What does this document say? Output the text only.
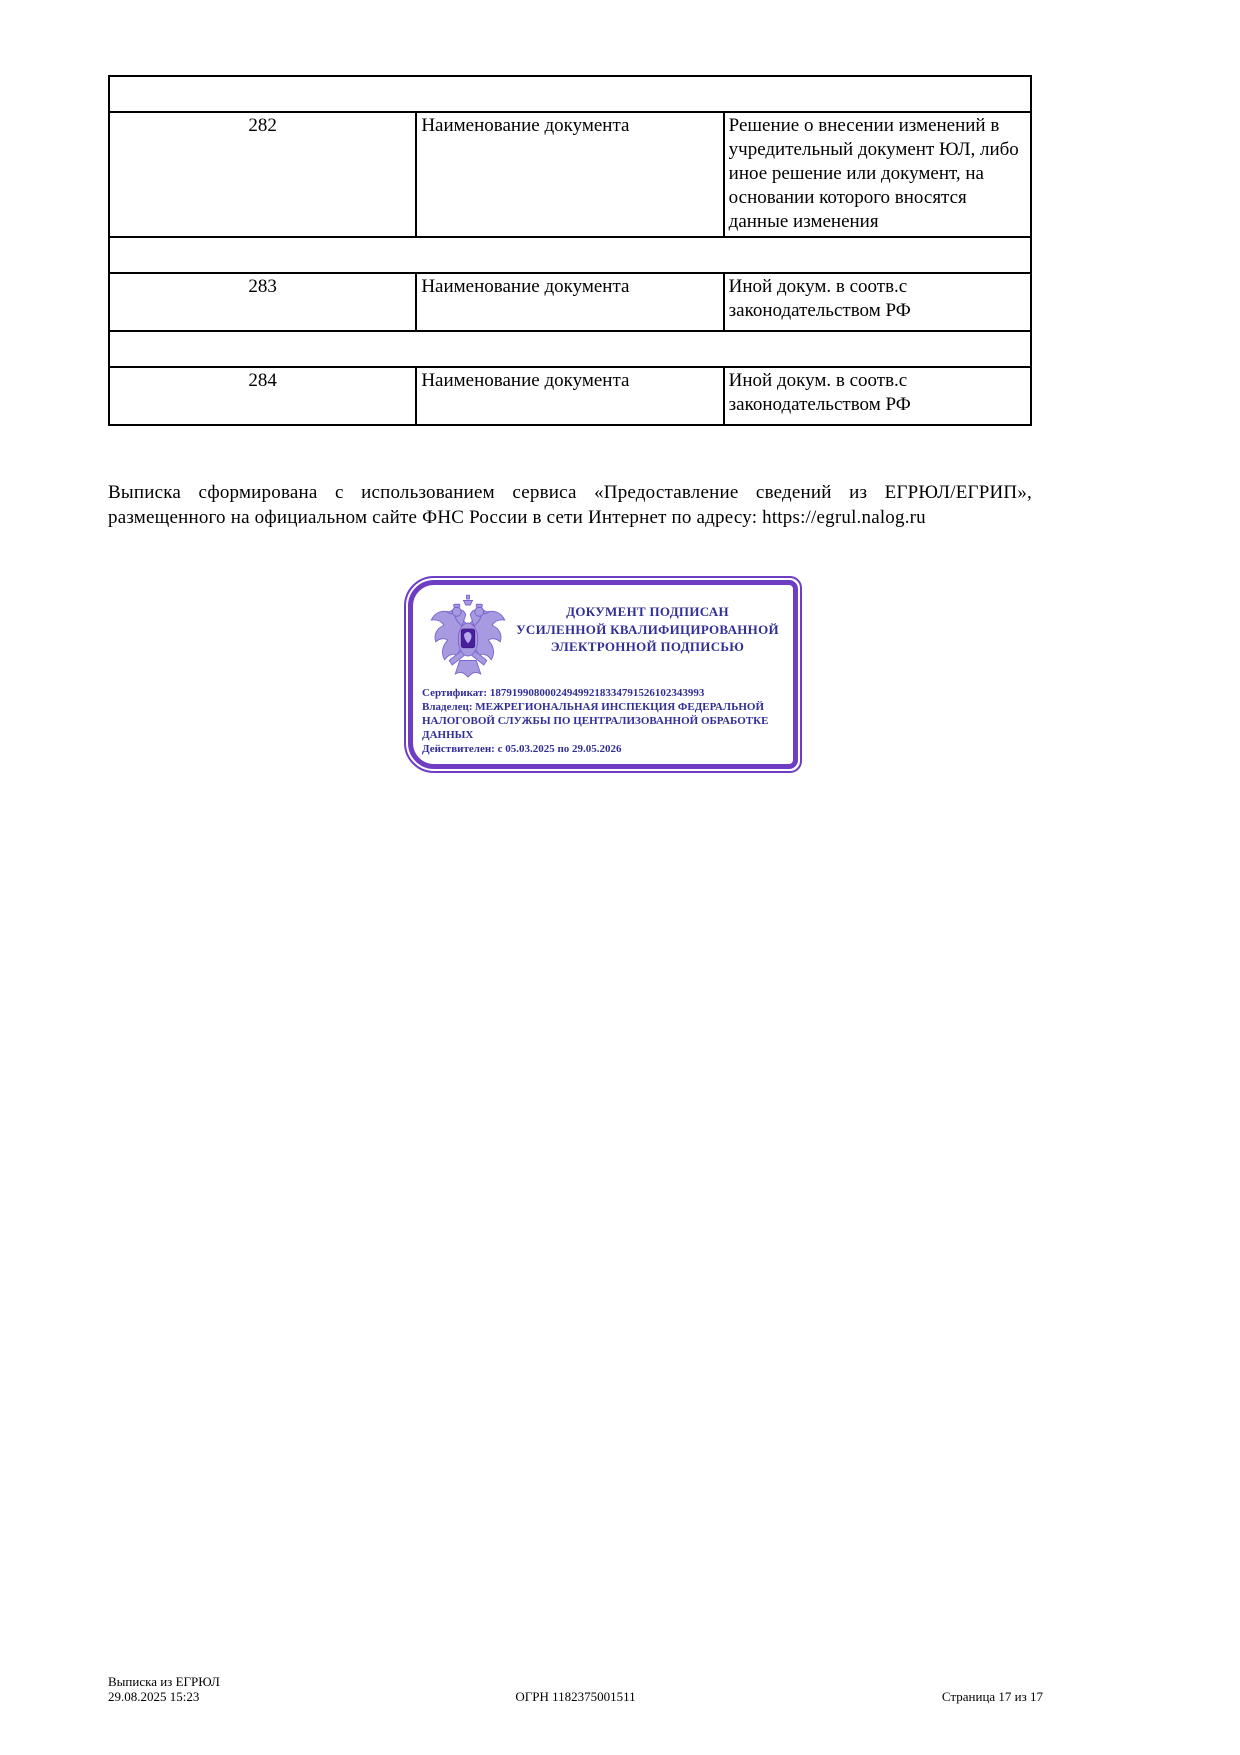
282	Наименование документа	Решение о внесении изменений в учредительный документ ЮЛ, либо иное решение или документ, на основании которого вносятся данные изменения

283	Наименование документа	Иной докум. в соотв.с законодательством РФ

284	Наименование документа	Иной докум. в соотв.с законодательством РФ

Выписка сформирована с использованием сервиса «Предоставление сведений из ЕГРЮЛ/ЕГРИП», размещенного на официальном сайте ФНС России в сети Интернет по адресу: https://egrul.nalog.ru

ДОКУМЕНТ ПОДПИСАН
УСИЛЕННОЙ КВАЛИФИЦИРОВАННОЙ
ЭЛЕКТРОННОЙ ПОДПИСЬЮ
Сертификат: 187919908000249499218334791526102343993
Владелец: МЕЖРЕГИОНАЛЬНАЯ ИНСПЕКЦИЯ ФЕДЕРАЛЬНОЙ НАЛОГОВОЙ СЛУЖБЫ ПО ЦЕНТРАЛИЗОВАННОЙ ОБРАБОТКЕ ДАННЫХ
Действителен: с 05.03.2025 по 29.05.2026
Выписка из ЕГРЮЛ
29.08.2025 15:23	ОГРН 1182375001511	Страница 17 из 17
